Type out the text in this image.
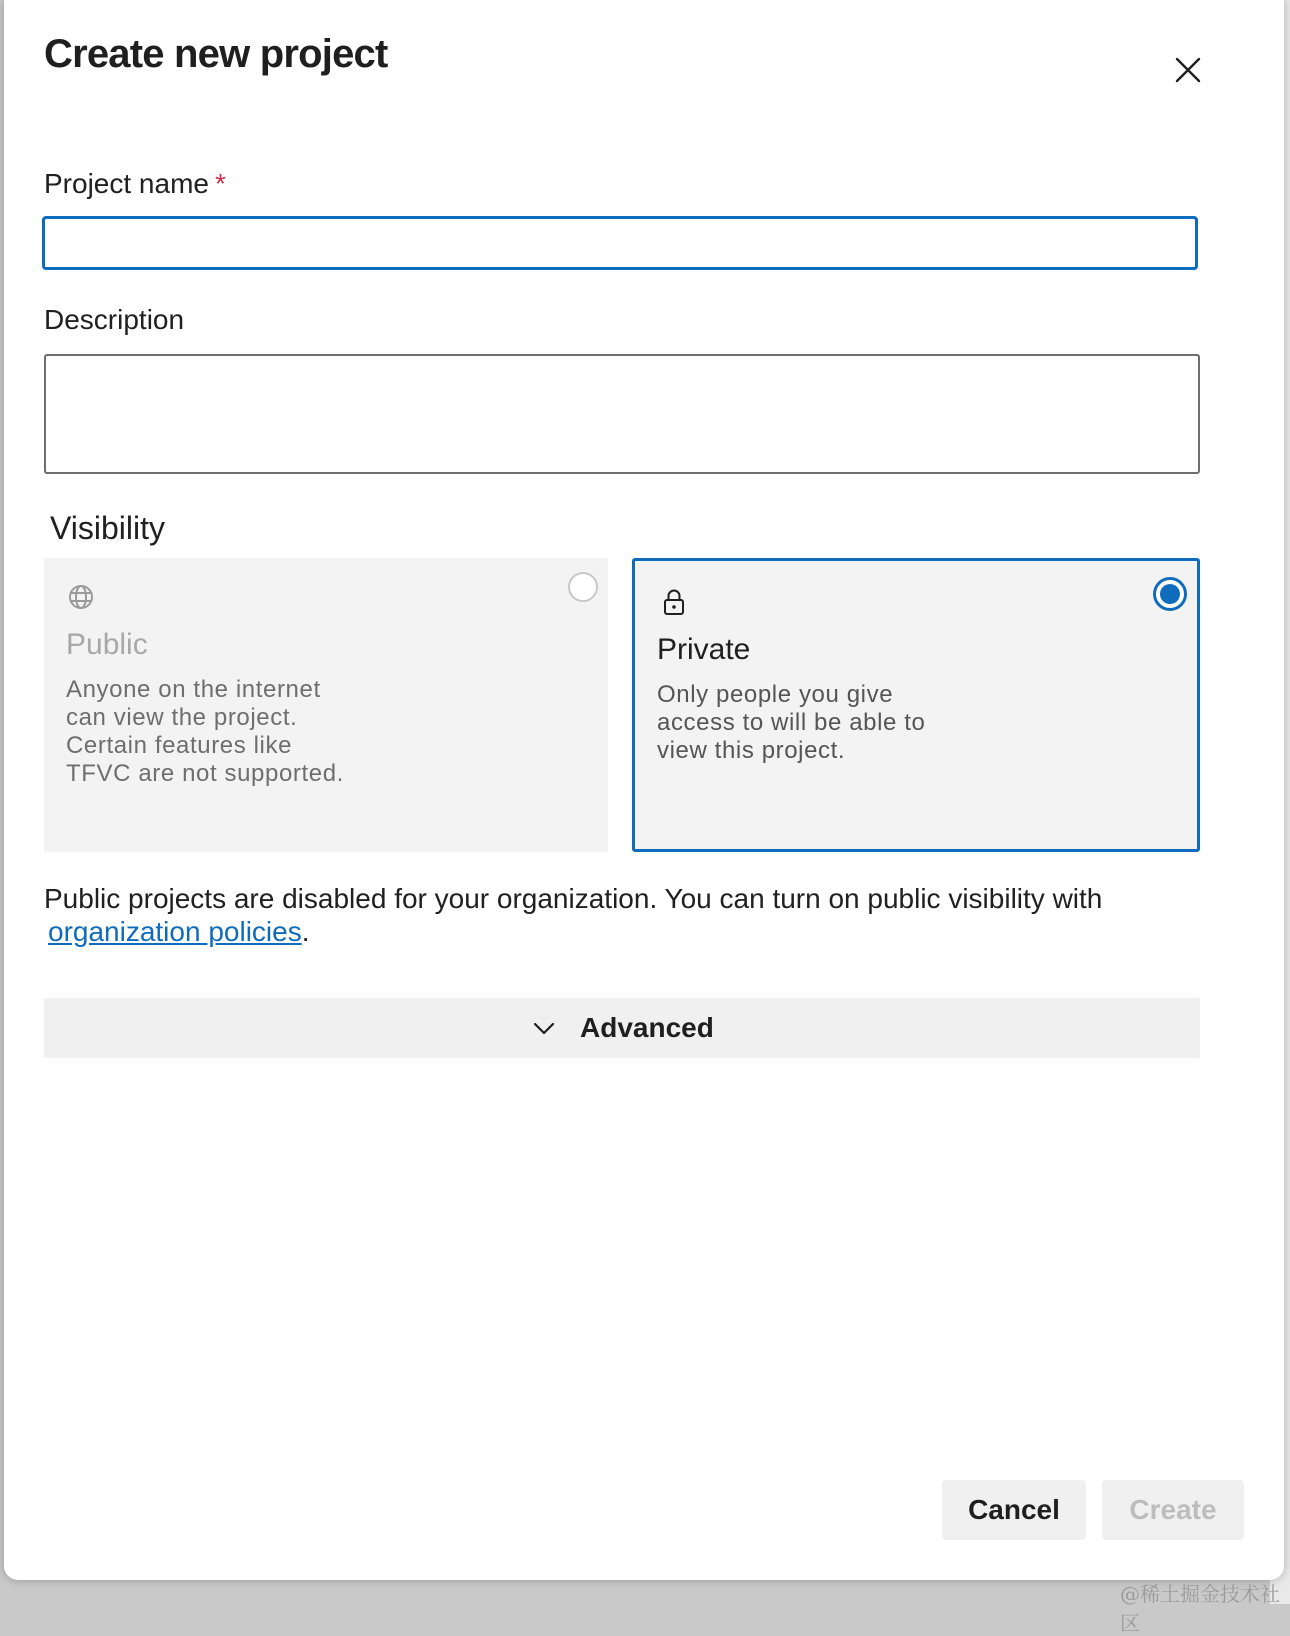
Create new project
Project name *
Description
Visibility
Public
Anyone on the internet
can view the project.
Certain features like
TFVC are not supported.
Private
Only people you give
access to will be able to
view this project.
Public projects are disabled for your organization. You can turn on public visibility with
organization policies.
Advanced
Cancel	Create
@稀土掘金技术社区
